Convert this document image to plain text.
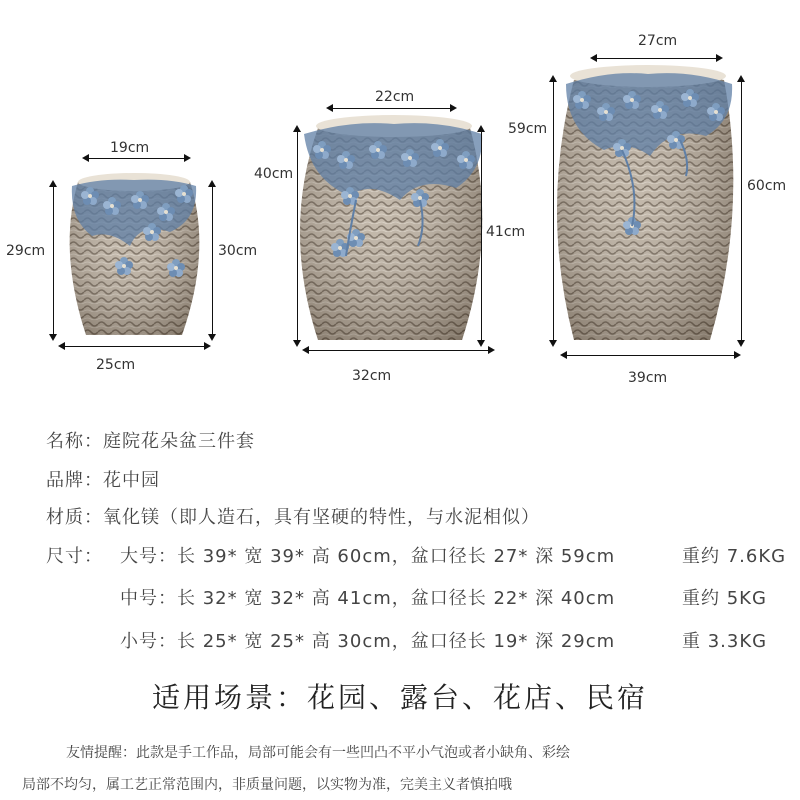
19cm
29cm	30cm
25cm
22cm
40cm
41cm
32cm
27cm
59cm
60cm
39cm
名称：庭院花朵盆三件套
品牌：花中园
材质：氧化镁（即人造石，具有坚硬的特性，与水泥相似）
尺寸： 大号：长 39* 宽 39* 高 60cm，盆口径长 27* 深 59cm	重约 7.6KG
中号：长 32* 宽 32* 高 41cm，盆口径长 22* 深 40cm	重约 5KG
小号：长 25* 宽 25* 高 30cm，盆口径长 19* 深 29cm	重 3.3KG
适用场景：花园、露台、花店、民宿
友情提醒：此款是手工作品，局部可能会有一些凹凸不平小气泡或者小缺角、彩绘
局部不均匀，属工艺正常范围内，非质量问题，以实物为准，完美主义者慎拍哦
